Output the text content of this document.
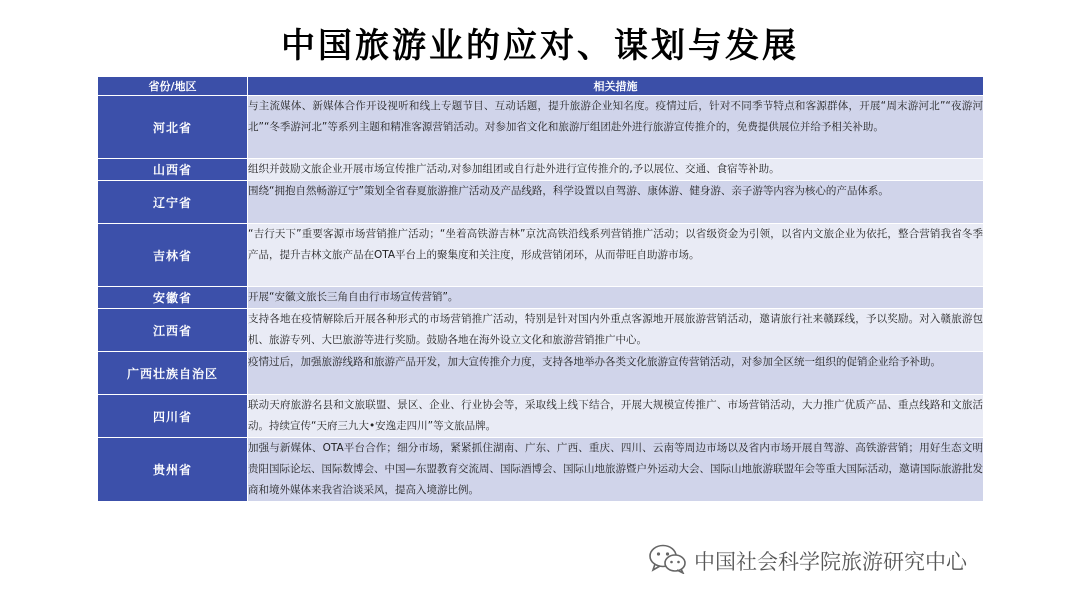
中国旅游业的应对、谋划与发展
省份/地区	相关措施
河北省	与主流媒体、新媒体合作开设视听和线上专题节目、互动话题，提升旅游企业知名度。疫情过后，针对不同季节特点和客源群体，开展“周末游河北”“夜游河北”“冬季游河北”等系列主题和精准客源营销活动。对参加省文化和旅游厅组团赴外进行旅游宣传推介的，免费提供展位并给予相关补助。
山西省	组织并鼓励文旅企业开展市场宣传推广活动,对参加组团或自行赴外进行宣传推介的,予以展位、交通、食宿等补助。
辽宁省	围绕“拥抱自然畅游辽宁”策划全省春夏旅游推广活动及产品线路，科学设置以自驾游、康体游、健身游、亲子游等内容为核心的产品体系。
吉林省	“吉行天下”重要客源市场营销推广活动；“坐着高铁游吉林”京沈高铁沿线系列营销推广活动；以省级资金为引领，以省内文旅企业为依托，整合营销我省冬季产品，提升吉林文旅产品在OTA平台上的聚集度和关注度，形成营销闭环，从而带旺自助游市场。
安徽省	开展“安徽文旅长三角自由行市场宣传营销”。
江西省	支持各地在疫情解除后开展各种形式的市场营销推广活动，特别是针对国内外重点客源地开展旅游营销活动，邀请旅行社来赣踩线，予以奖励。对入赣旅游包机、旅游专列、大巴旅游等进行奖励。鼓励各地在海外设立文化和旅游营销推广中心。
广西壮族自治区	疫情过后，加强旅游线路和旅游产品开发，加大宣传推介力度，支持各地举办各类文化旅游宣传营销活动，对参加全区统一组织的促销企业给予补助。
四川省	联动天府旅游名县和文旅联盟、景区、企业、行业协会等，采取线上线下结合，开展大规模宣传推广、市场营销活动，大力推广优质产品、重点线路和文旅活动。持续宣传“天府三九大•安逸走四川”等文旅品牌。
贵州省	加强与新媒体、OTA平台合作；细分市场，紧紧抓住湖南、广东、广西、重庆、四川、云南等周边市场以及省内市场开展自驾游、高铁游营销；用好生态文明贵阳国际论坛、国际数博会、中国—东盟教育交流周、国际酒博会、国际山地旅游暨户外运动大会、国际山地旅游联盟年会等重大国际活动，邀请国际旅游批发商和境外媒体来我省洽谈采风，提高入境游比例。
中国社会科学院旅游研究中心
